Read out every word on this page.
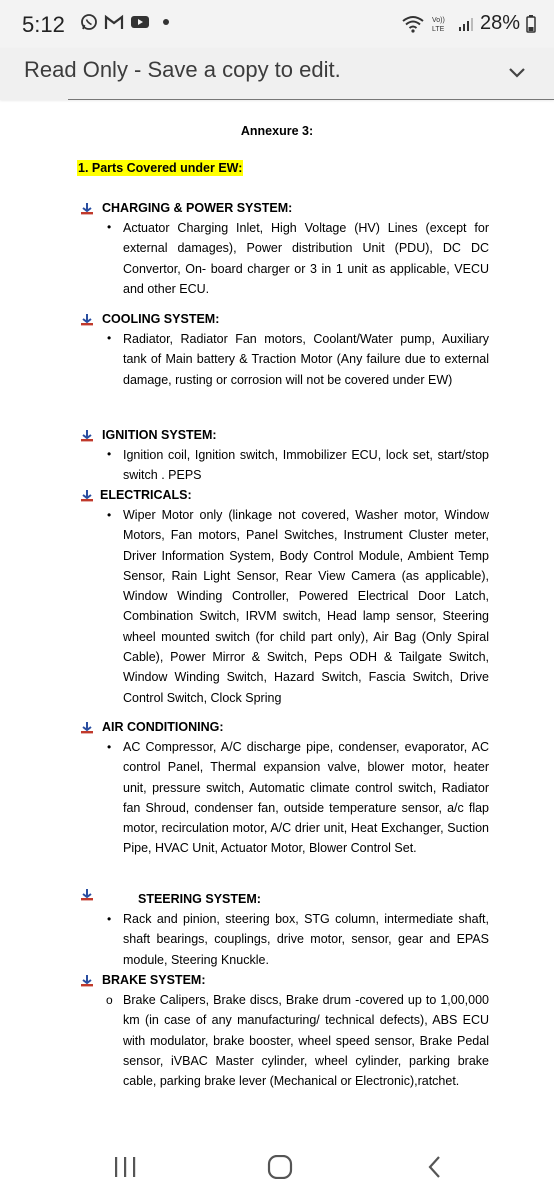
5:12	Vo))
LTE 28%
Read Only - Save a copy to edit.
Annexure 3:
1. Parts Covered under EW:
CHARGING & POWER SYSTEM:
• Actuator Charging Inlet, High Voltage (HV) Lines (except for external damages), Power distribution Unit (PDU), DC DC Convertor, On- board charger or 3 in 1 unit as applicable, VECU and other ECU.
COOLING SYSTEM:
• Radiator, Radiator Fan motors, Coolant/Water pump, Auxiliary tank of Main battery & Traction Motor (Any failure due to external damage, rusting or corrosion will not be covered under EW)
IGNITION SYSTEM:
• Ignition coil, Ignition switch, Immobilizer ECU, lock set, start/stop switch . PEPS
ELECTRICALS:
• Wiper Motor only (linkage not covered, Washer motor, Window Motors, Fan motors, Panel Switches, Instrument Cluster meter, Driver Information System, Body Control Module, Ambient Temp Sensor, Rain Light Sensor, Rear View Camera (as applicable), Window Winding Controller, Powered Electrical Door Latch, Combination Switch, IRVM switch, Head lamp sensor, Steering wheel mounted switch (for child part only), Air Bag (Only Spiral Cable), Power Mirror & Switch, Peps ODH & Tailgate Switch, Window Winding Switch, Hazard Switch, Fascia Switch, Drive Control Switch, Clock Spring
AIR CONDITIONING:
• AC Compressor, A/C discharge pipe, condenser, evaporator, AC control Panel, Thermal expansion valve, blower motor, heater unit, pressure switch, Automatic climate control switch, Radiator fan Shroud, condenser fan, outside temperature sensor, a/c flap motor, recirculation motor, A/C drier unit, Heat Exchanger, Suction Pipe, HVAC Unit, Actuator Motor, Blower Control Set.
STEERING SYSTEM:
• Rack and pinion, steering box, STG column, intermediate shaft, shaft bearings, couplings, drive motor, sensor, gear and EPAS module, Steering Knuckle.
BRAKE SYSTEM:
o Brake Calipers, Brake discs, Brake drum -covered up to 1,00,000 km (in case of any manufacturing/ technical defects), ABS ECU with modulator, brake booster, wheel speed sensor, Brake Pedal sensor, iVBAC Master cylinder, wheel cylinder, parking brake cable, parking brake lever (Mechanical or Electronic),ratchet.
